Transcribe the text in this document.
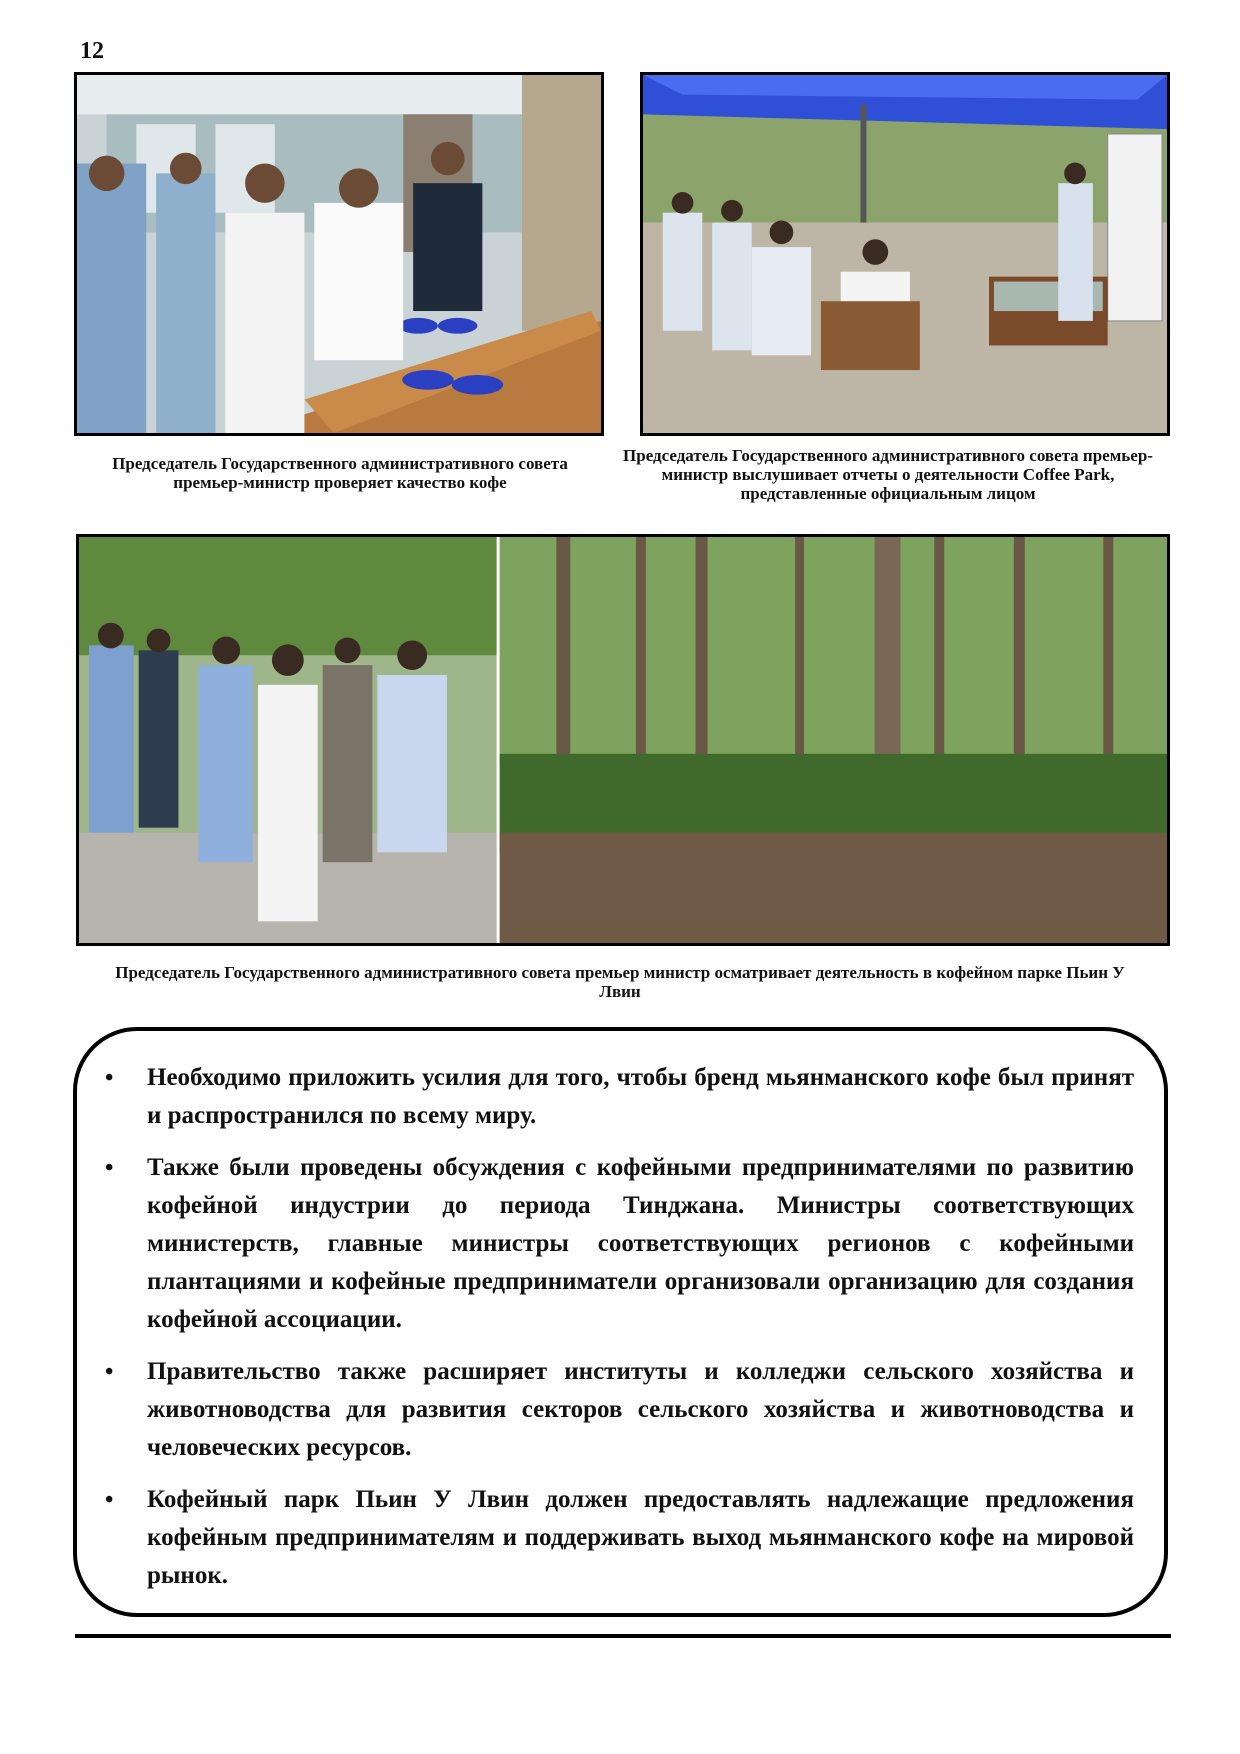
12
Председатель Государственного административного совета премьер-министр проверяет качество кофе
Председатель Государственного административного совета премьер-министр выслушивает отчеты о деятельности Coffee Park, представленные официальным лицом
Председатель Государственного административного совета премьер министр осматривает деятельность в кофейном парке Пьин У Лвин
• Необходимо приложить усилия для того, чтобы бренд мьянманского кофе был принят и распространился по всему миру.
• Также были проведены обсуждения с кофейными предпринимателями по развитию кофейной индустрии до периода Тинджана. Министры соответствующих министерств, главные министры соответствующих регионов с кофейными плантациями и кофейные предприниматели организовали организацию для создания кофейной ассоциации.
• Правительство также расширяет институты и колледжи сельского хозяйства и животноводства для развития секторов сельского хозяйства и животноводства и человеческих ресурсов.
• Кофейный парк Пьин У Лвин должен предоставлять надлежащие предложения кофейным предпринимателям и поддерживать выход мьянманского кофе на мировой рынок.
